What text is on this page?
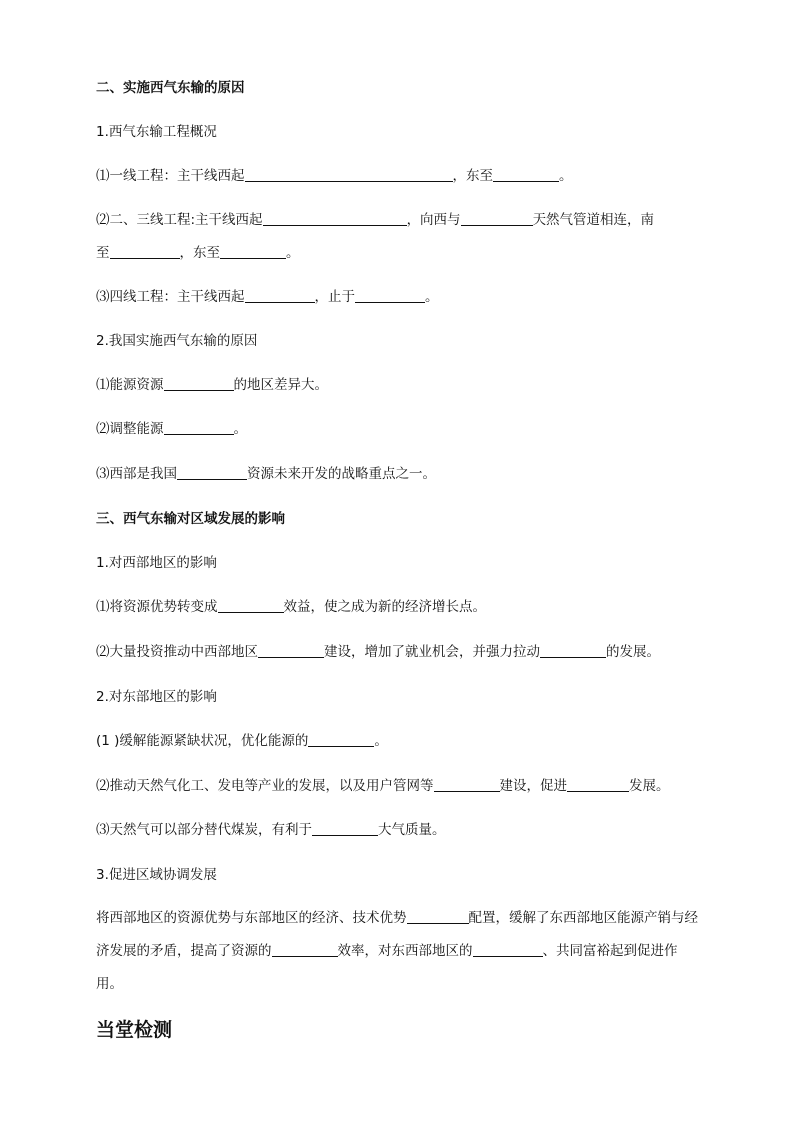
二、实施西气东输的原因
1.西气东输工程概况
⑴一线工程：主干线西起	，东至	。
⑵二、三线工程:主干线西起	，向西与	天然气管道相连，南
至	，东至	。
⑶四线工程：主干线西起	，止于	。
2.我国实施西气东输的原因
⑴能源资源	的地区差异大。
⑵调整能源	。
⑶西部是我国	资源未来开发的战略重点之一。
三、西气东输对区域发展的影响
1.对西部地区的影响
⑴将资源优势转变成	效益，使之成为新的经济增长点。
⑵大量投资推动中西部地区	建设，增加了就业机会，并强力拉动	的发展。
2.对东部地区的影响
(1 )缓解能源紧缺状况，优化能源的	。
⑵推动天然气化工、发电等产业的发展，以及用户管网等	建设，促进	发展。
⑶天然气可以部分替代煤炭，有利于	大气质量。
3.促进区域协调发展
将西部地区的资源优势与东部地区的经济、技术优势	配置，缓解了东西部地区能源产销与经济发展的矛盾，提高了资源的	效率，对东西部地区的	、共同富裕起到促进作用。
当堂检测
